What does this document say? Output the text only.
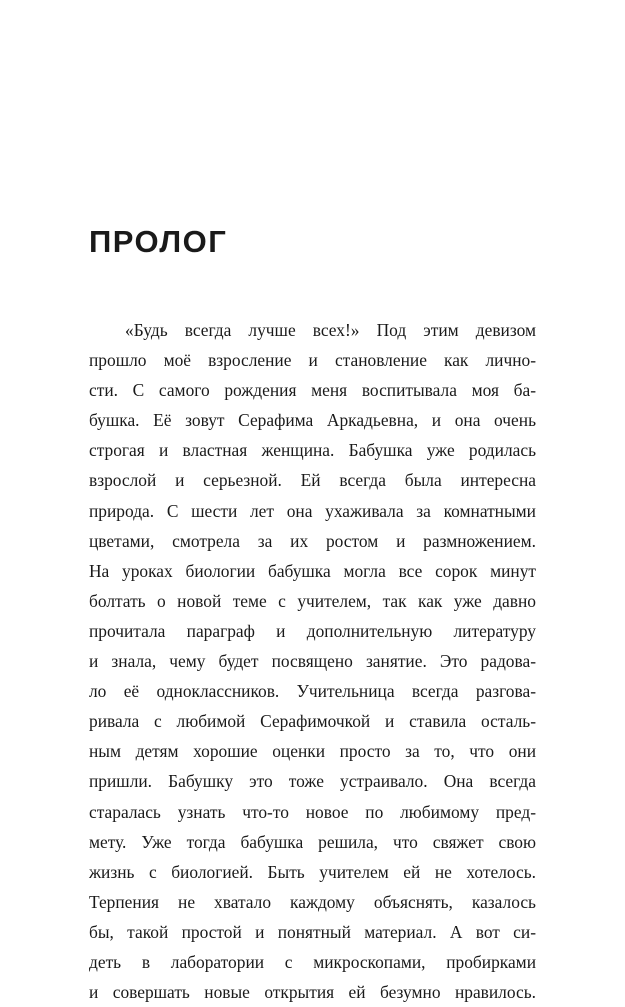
ПРОЛОГ
«Будь всегда лучше всех!» Под этим девизом
прошло моё взросление и становление как лично-
сти. С самого рождения меня воспитывала моя ба-
бушка. Её зовут Серафима Аркадьевна, и она очень
строгая и властная женщина. Бабушка уже родилась
взрослой и серьезной. Ей всегда была интересна
природа. С шести лет она ухаживала за комнатными
цветами, смотрела за их ростом и размножением.
На уроках биологии бабушка могла все сорок минут
болтать о новой теме с учителем, так как уже давно
прочитала параграф и дополнительную литературу
и знала, чему будет посвящено занятие. Это радова-
ло её одноклассников. Учительница всегда разгова-
ривала с любимой Серафимочкой и ставила осталь-
ным детям хорошие оценки просто за то, что они
пришли. Бабушку это тоже устраивало. Она всегда
старалась узнать что-то новое по любимому пред-
мету. Уже тогда бабушка решила, что свяжет свою
жизнь с биологией. Быть учителем ей не хотелось.
Терпения не хватало каждому объяснять, казалось
бы, такой простой и понятный материал. А вот си-
деть в лаборатории с микроскопами, пробирками
и совершать новые открытия ей безумно нравилось.
